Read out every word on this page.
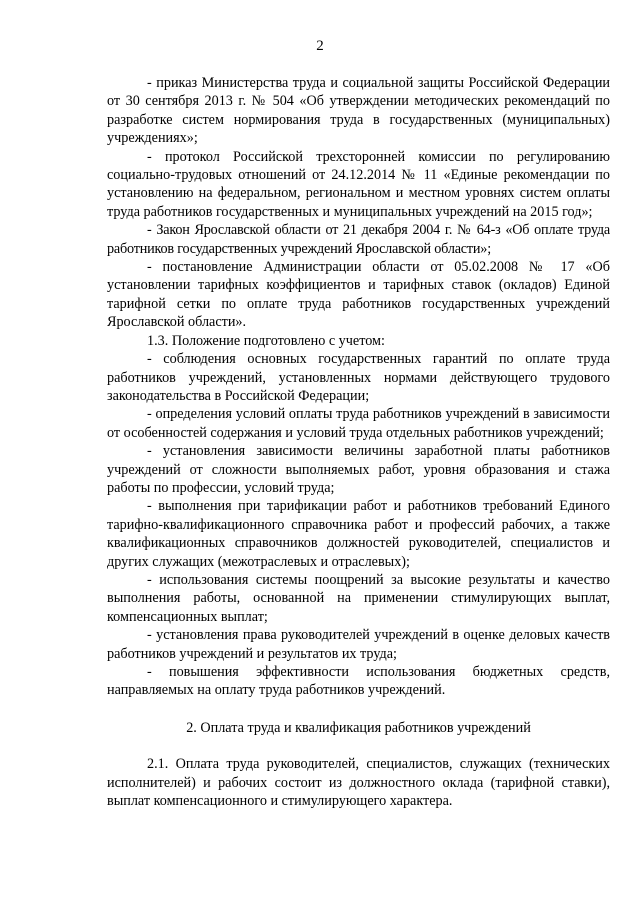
2

- приказ Министерства труда и социальной защиты Российской Федерации от 30 сентября 2013 г. № 504 «Об утверждении методических рекомендаций по разработке систем нормирования труда в государственных (муниципальных) учреждениях»;

- протокол Российской трехсторонней комиссии по регулированию социально-трудовых отношений от 24.12.2014 № 11 «Единые рекомендации по установлению на федеральном, региональном и местном уровнях систем оплаты труда работников государственных и муниципальных учреждений на 2015 год»;

- Закон Ярославской области от 21 декабря 2004 г. № 64-з «Об оплате труда работников государственных учреждений Ярославской области»;

- постановление Администрации области от 05.02.2008 № 17 «Об установлении тарифных коэффициентов и тарифных ставок (окладов) Единой тарифной сетки по оплате труда работников государственных учреждений Ярославской области».

1.3. Положение подготовлено с учетом:

- соблюдения основных государственных гарантий по оплате труда работников учреждений, установленных нормами действующего трудового законодательства в Российской Федерации;

- определения условий оплаты труда работников учреждений в зависимости от особенностей содержания и условий труда отдельных работников учреждений;

- установления зависимости величины заработной платы работников учреждений от сложности выполняемых работ, уровня образования и стажа работы по профессии, условий труда;

- выполнения при тарификации работ и работников требований Единого тарифно-квалификационного справочника работ и профессий рабочих, а также квалификационных справочников должностей руководителей, специалистов и других служащих (межотраслевых и отраслевых);

- использования системы поощрений за высокие результаты и качество выполнения работы, основанной на применении стимулирующих выплат, компенсационных выплат;

- установления права руководителей учреждений в оценке деловых качеств работников учреждений и результатов их труда;

- повышения эффективности использования бюджетных средств, направляемых на оплату труда работников учреждений.

2. Оплата труда и квалификация работников учреждений

2.1. Оплата труда руководителей, специалистов, служащих (технических исполнителей) и рабочих состоит из должностного оклада (тарифной ставки), выплат компенсационного и стимулирующего характера.
